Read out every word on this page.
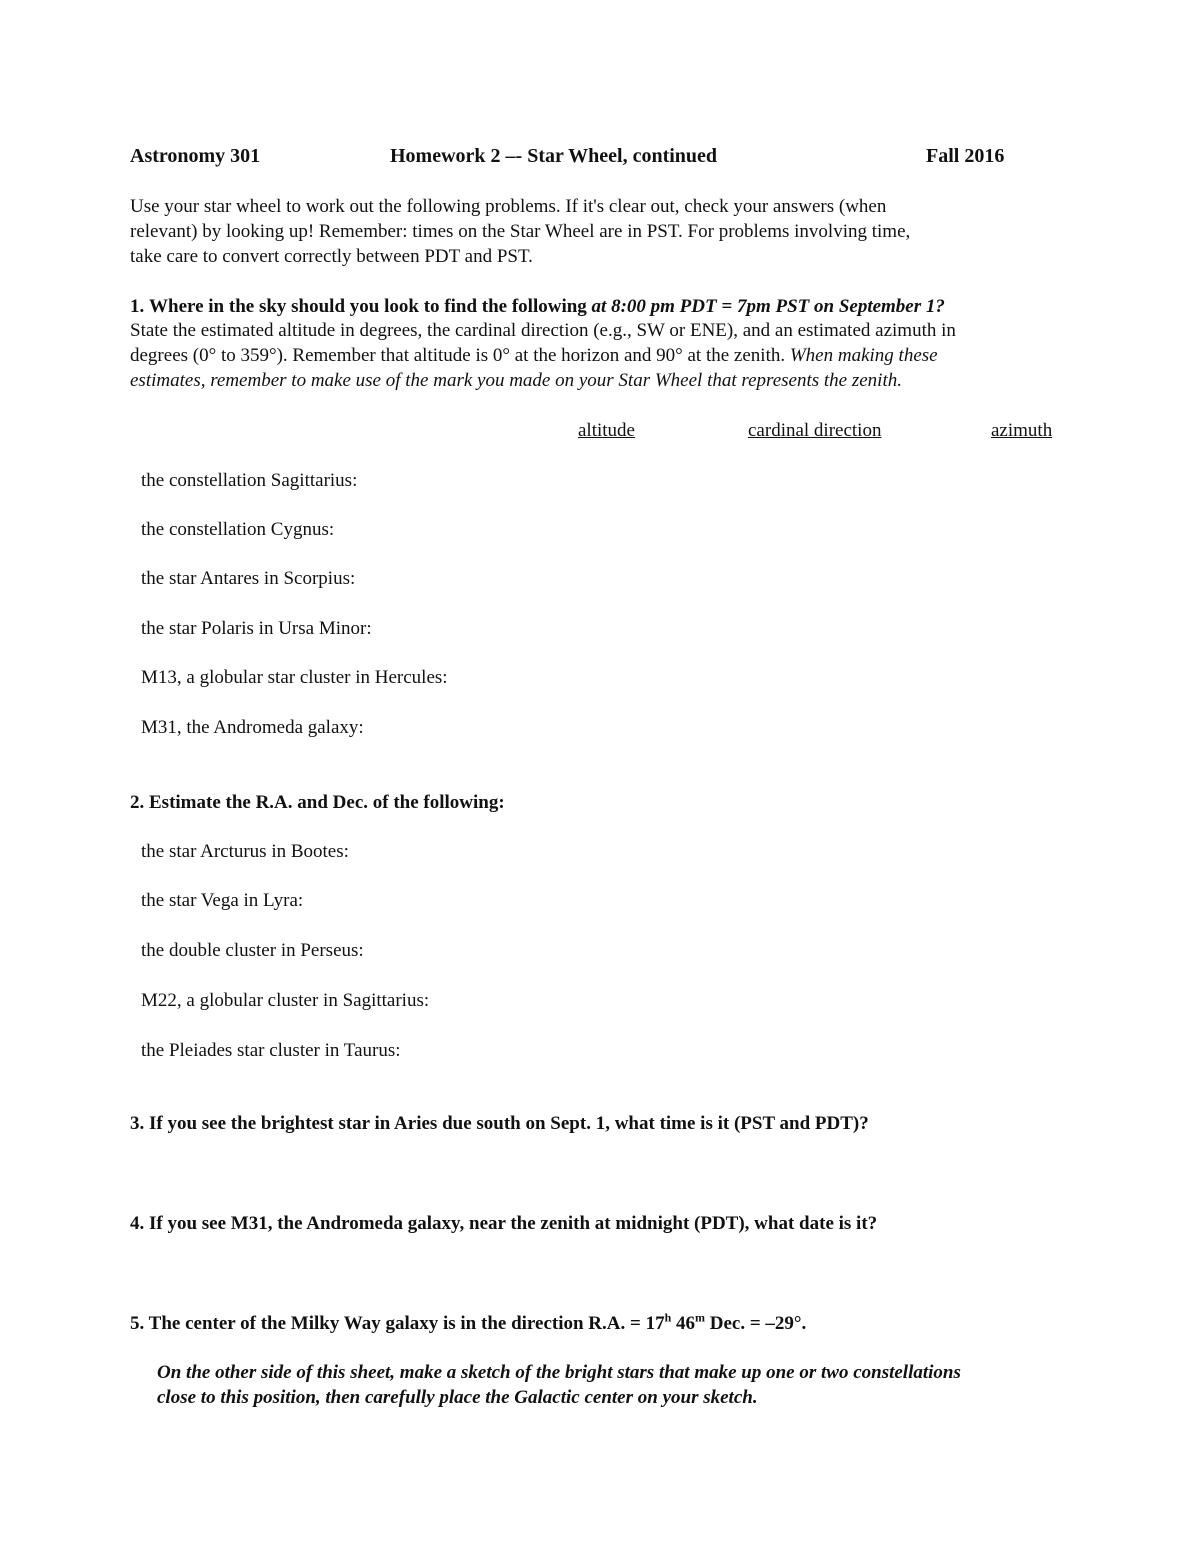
Astronomy 301	Homework 2 –- Star Wheel, continued	Fall 2016
Use your star wheel to work out the following problems. If it's clear out, check your answers (when
relevant) by looking up! Remember: times on the Star Wheel are in PST. For problems involving time,
take care to convert correctly between PDT and PST.
1. Where in the sky should you look to find the following at 8:00 pm PDT = 7pm PST on September 1?
State the estimated altitude in degrees, the cardinal direction (e.g., SW or ENE), and an estimated azimuth in
degrees (0° to 359°). Remember that altitude is 0° at the horizon and 90° at the zenith. When making these
estimates, remember to make use of the mark you made on your Star Wheel that represents the zenith.
altitude	cardinal direction	azimuth
the constellation Sagittarius:
the constellation Cygnus:
the star Antares in Scorpius:
the star Polaris in Ursa Minor:
M13, a globular star cluster in Hercules:
M31, the Andromeda galaxy:
2. Estimate the R.A. and Dec. of the following:
the star Arcturus in Bootes:
the star Vega in Lyra:
the double cluster in Perseus:
M22, a globular cluster in Sagittarius:
the Pleiades star cluster in Taurus:
3. If you see the brightest star in Aries due south on Sept. 1, what time is it (PST and PDT)?
4. If you see M31, the Andromeda galaxy, near the zenith at midnight (PDT), what date is it?
5. The center of the Milky Way galaxy is in the direction R.A. = $17^h$ 46$^m$ Dec. = –29°.
On the other side of this sheet, make a sketch of the bright stars that make up one or two constellations
close to this position, then carefully place the Galactic center on your sketch.
